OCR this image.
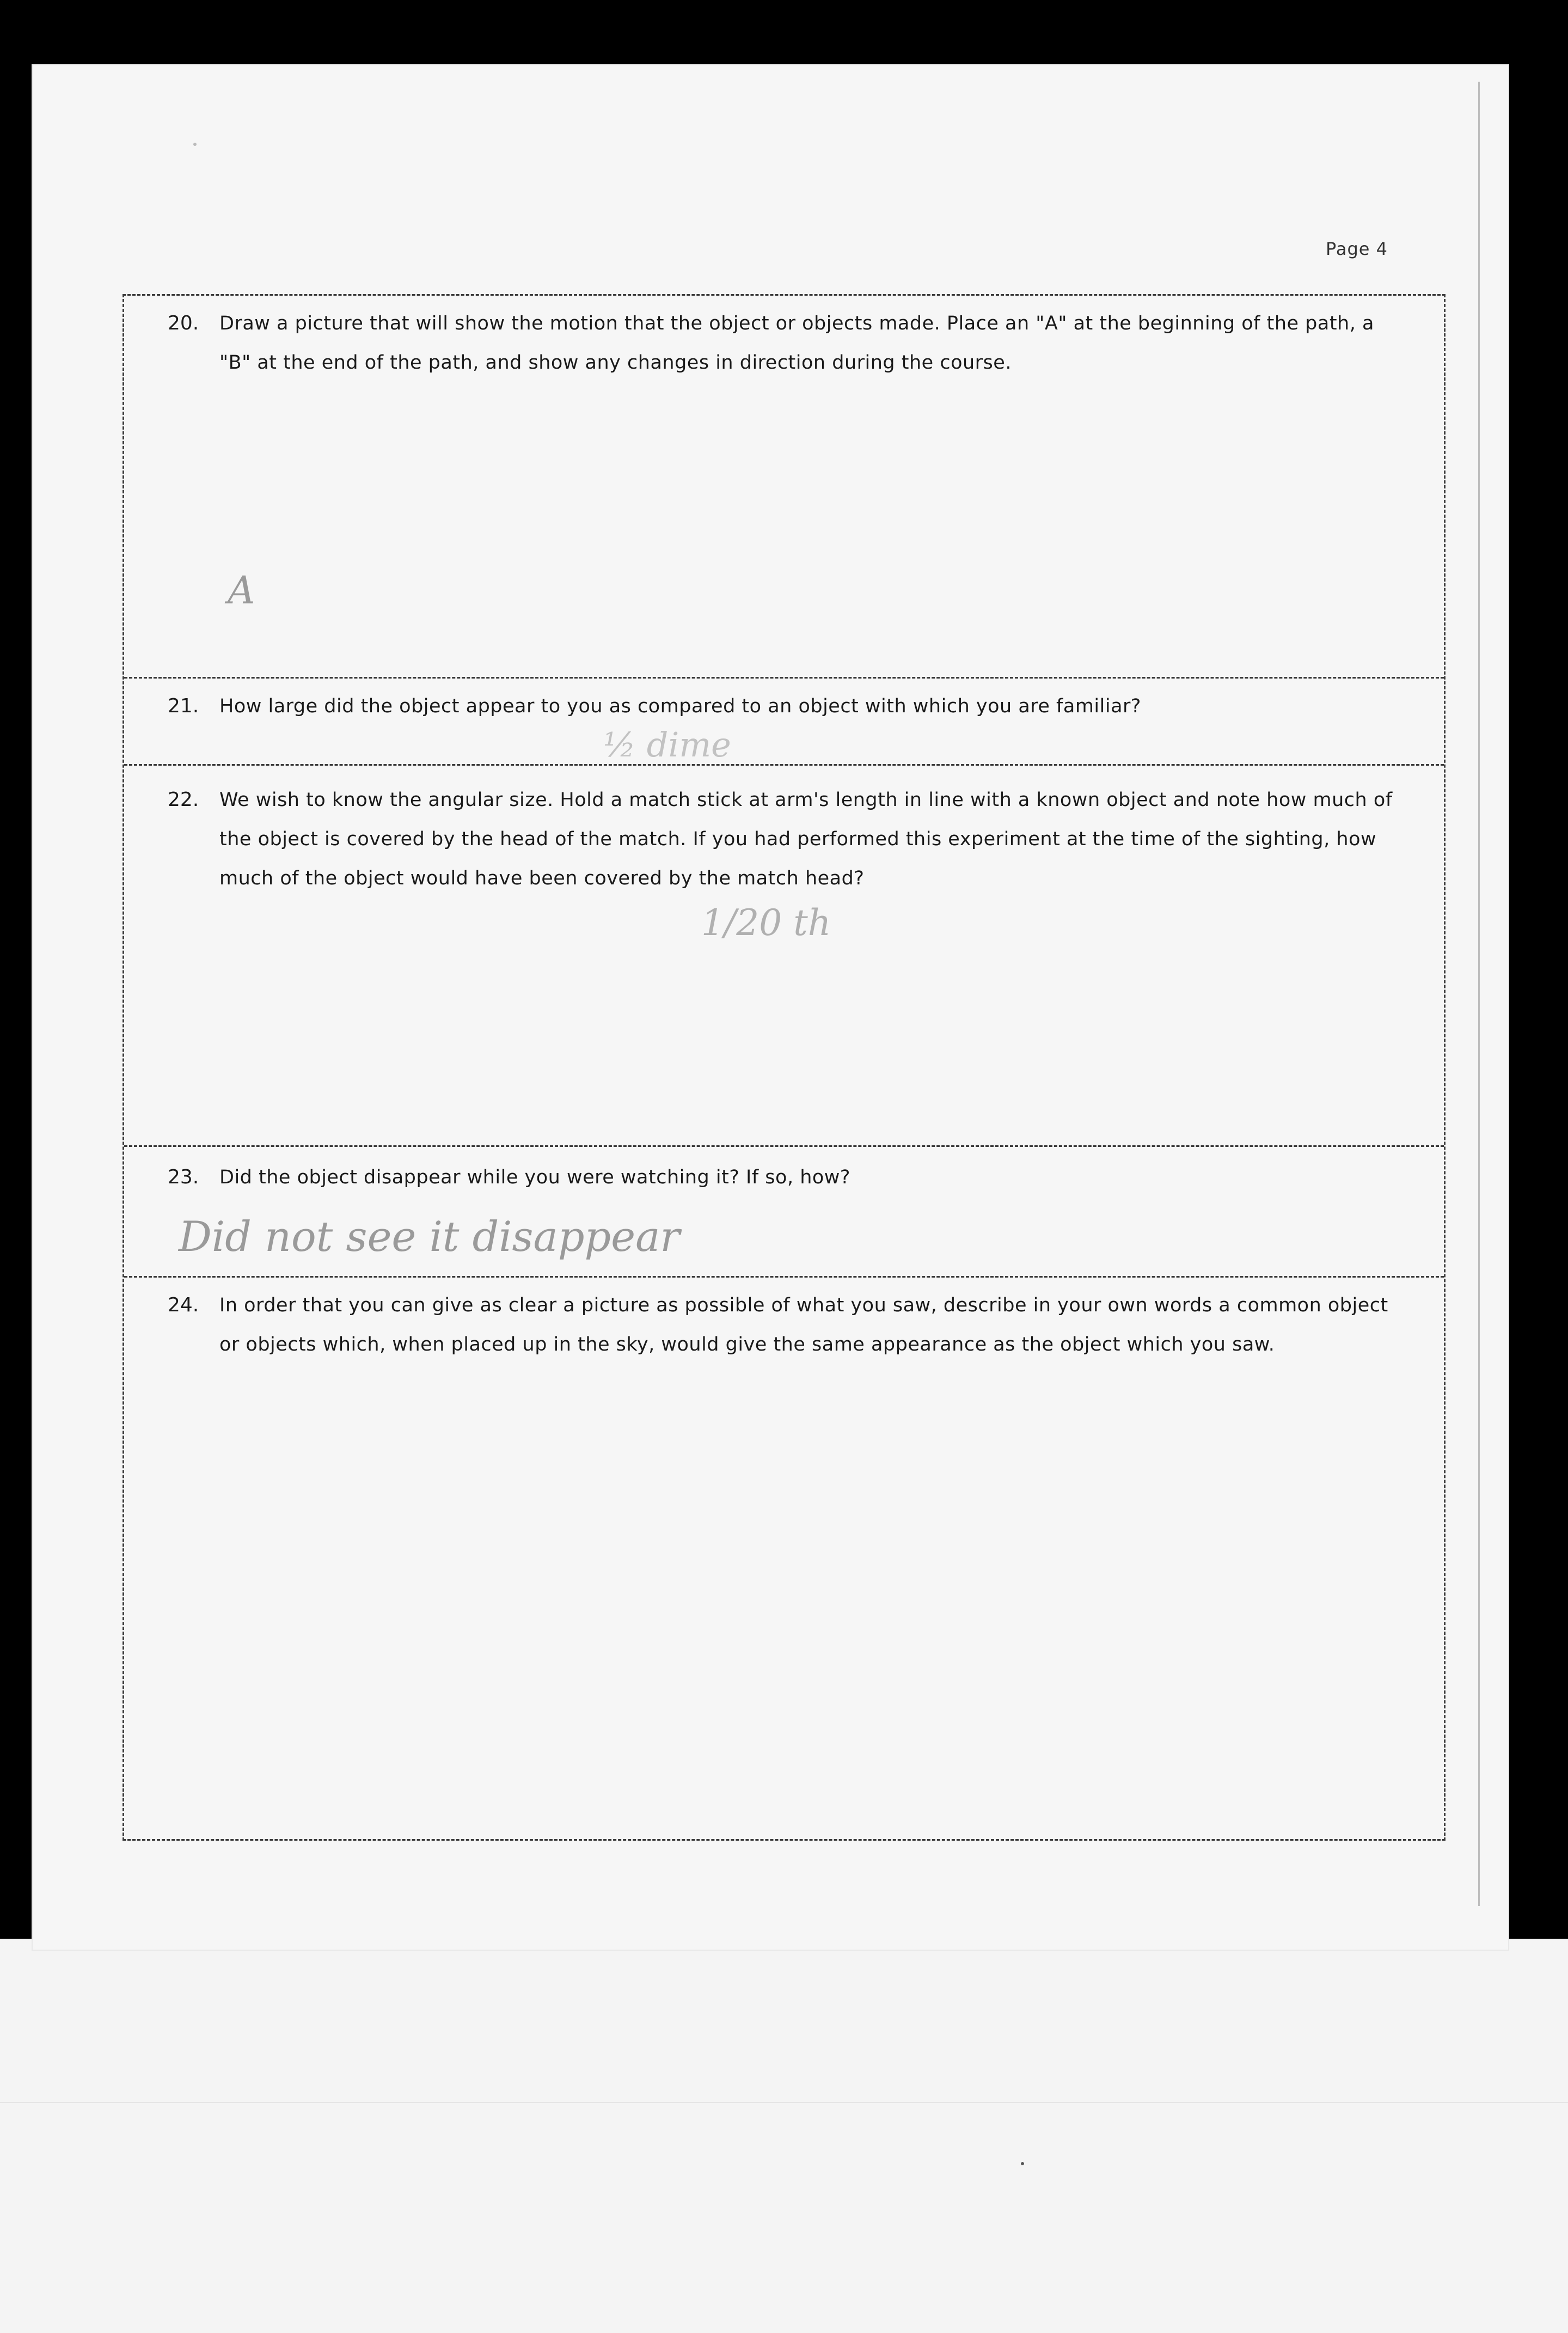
Page 4
20. Draw a picture that will show the motion that the object or objects made. Place an "A" at the beginning of the path, a "B" at the end of the path, and show any changes in direction during the course.
A
21. How large did the object appear to you as compared to an object with which you are familiar?
½ dime
22. We wish to know the angular size. Hold a match stick at arm's length in line with a known object and note how much of the object is covered by the head of the match. If you had performed this experiment at the time of the sighting, how much of the object would have been covered by the match head?
1/20 th
23. Did the object disappear while you were watching it? If so, how?
Did not see it disappear
24. In order that you can give as clear a picture as possible of what you saw, describe in your own words a common object or objects which, when placed up in the sky, would give the same appearance as the object which you saw.
